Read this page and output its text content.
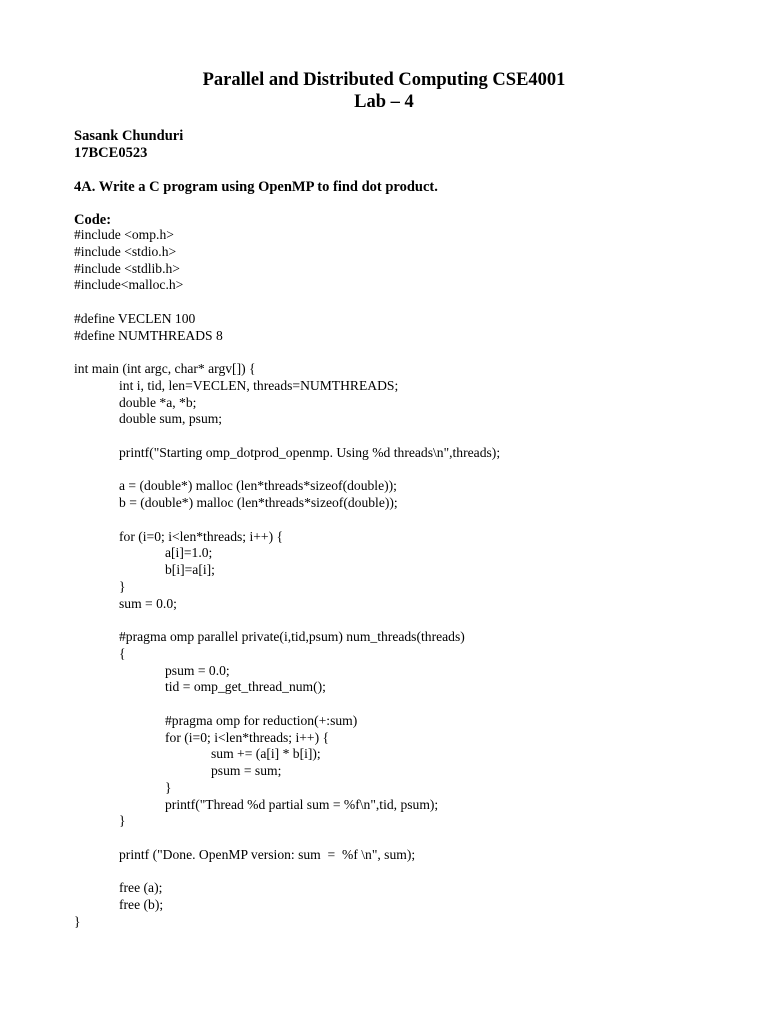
Parallel and Distributed Computing CSE4001
Lab – 4
Sasank Chunduri
17BCE0523
4A. Write a C program using OpenMP to find dot product.
Code:
#include <omp.h>
#include <stdio.h>
#include <stdlib.h>
#include<malloc.h>
#define VECLEN 100
#define NUMTHREADS 8
int main (int argc, char* argv[]) {
int i, tid, len=VECLEN, threads=NUMTHREADS;
double *a, *b;
double sum, psum;
printf("Starting omp_dotprod_openmp. Using %d threads\n",threads);
a = (double*) malloc (len*threads*sizeof(double));
b = (double*) malloc (len*threads*sizeof(double));
for (i=0; i<len*threads; i++) {
a[i]=1.0;
b[i]=a[i];
}
sum = 0.0;
#pragma omp parallel private(i,tid,psum) num_threads(threads)
{
psum = 0.0;
tid = omp_get_thread_num();
#pragma omp for reduction(+:sum)
for (i=0; i<len*threads; i++) {
sum += (a[i] * b[i]);
psum = sum;
}
printf("Thread %d partial sum = %f\n",tid, psum);
}
printf ("Done. OpenMP version: sum  =  %f \n", sum);
free (a);
free (b);
}
